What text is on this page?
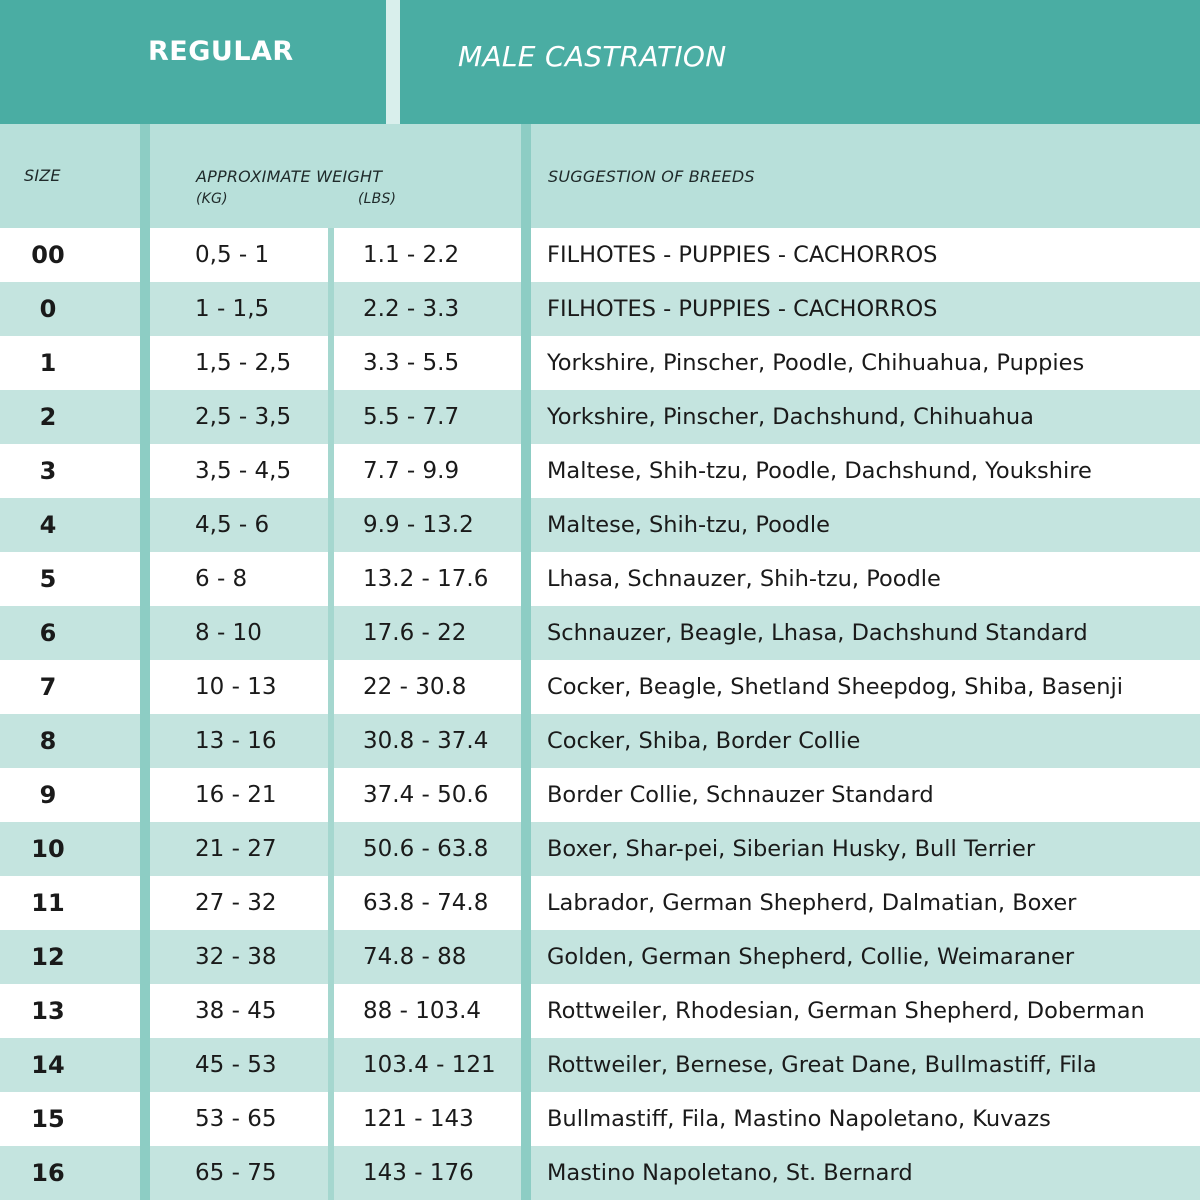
REGULAR	MALE CASTRATION
SIZE	APPROXIMATE WEIGHT
(KG)	(LBS)
SUGGESTION OF BREEDS
00	0,5 - 1	1.1 - 2.2	FILHOTES - PUPPIES - CACHORROS
0	1 - 1,5	2.2 - 3.3	FILHOTES - PUPPIES - CACHORROS
1	1,5 - 2,5	3.3 - 5.5	Yorkshire, Pinscher, Poodle, Chihuahua, Puppies
2	2,5 - 3,5	5.5 - 7.7	Yorkshire, Pinscher, Dachshund, Chihuahua
3	3,5 - 4,5	7.7 - 9.9	Maltese, Shih-tzu, Poodle, Dachshund, Youkshire
4	4,5 - 6	9.9 - 13.2	Maltese, Shih-tzu, Poodle
5	6 - 8	13.2 - 17.6	Lhasa, Schnauzer, Shih-tzu, Poodle
6	8 - 10	17.6 - 22	Schnauzer, Beagle, Lhasa, Dachshund Standard
7	10 - 13	22 - 30.8	Cocker, Beagle, Shetland Sheepdog, Shiba, Basenji
8	13 - 16	30.8 - 37.4	Cocker, Shiba, Border Collie
9	16 - 21	37.4 - 50.6	Border Collie, Schnauzer Standard
10	21 - 27	50.6 - 63.8	Boxer, Shar-pei, Siberian Husky, Bull Terrier
11	27 - 32	63.8 - 74.8	Labrador, German Shepherd, Dalmatian, Boxer
12	32 - 38	74.8 - 88	Golden, German Shepherd, Collie, Weimaraner
13	38 - 45	88 - 103.4	Rottweiler, Rhodesian, German Shepherd, Doberman
14	45 - 53	103.4 - 121 Rottweiler, Bernese, Great Dane, Bullmastiff, Fila
15	53 - 65	121 - 143	Bullmastiff, Fila, Mastino Napoletano, Kuvazs
16	65 - 75	143 - 176	Mastino Napoletano, St. Bernard
